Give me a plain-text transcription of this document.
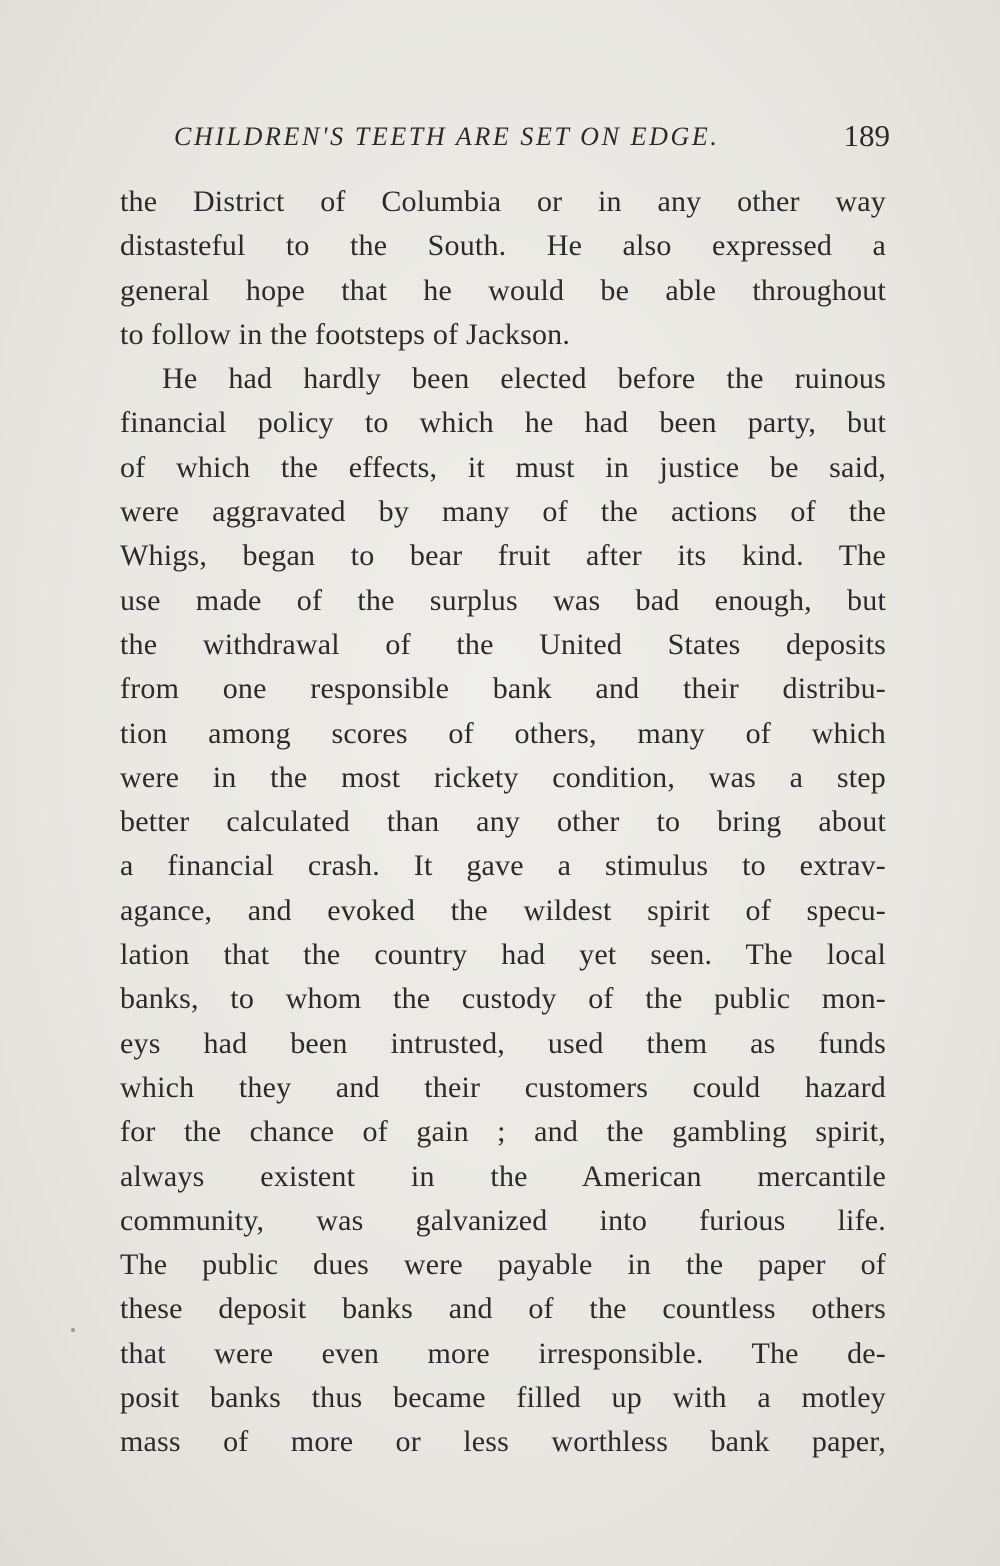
CHILDREN'S TEETH ARE SET ON EDGE.	189
the District of Columbia or in any other way
distasteful to the South. He also expressed a
general hope that he would be able throughout
to follow in the footsteps of Jackson.
He had hardly been elected before the ruinous
financial policy to which he had been party, but
of which the effects, it must in justice be said,
were aggravated by many of the actions of the
Whigs, began to bear fruit after its kind. The
use made of the surplus was bad enough, but
the withdrawal of the United States deposits
from one responsible bank and their distribu-
tion among scores of others, many of which
were in the most rickety condition, was a step
better calculated than any other to bring about
a financial crash. It gave a stimulus to extrav-
agance, and evoked the wildest spirit of specu-
lation that the country had yet seen. The local
banks, to whom the custody of the public mon-
eys had been intrusted, used them as funds
which they and their customers could hazard
for the chance of gain ; and the gambling spirit,
always existent in the American mercantile
community, was galvanized into furious life.
The public dues were payable in the paper of
these deposit banks and of the countless others
that were even more irresponsible. The de-
posit banks thus became filled up with a motley
mass of more or less worthless bank paper,
